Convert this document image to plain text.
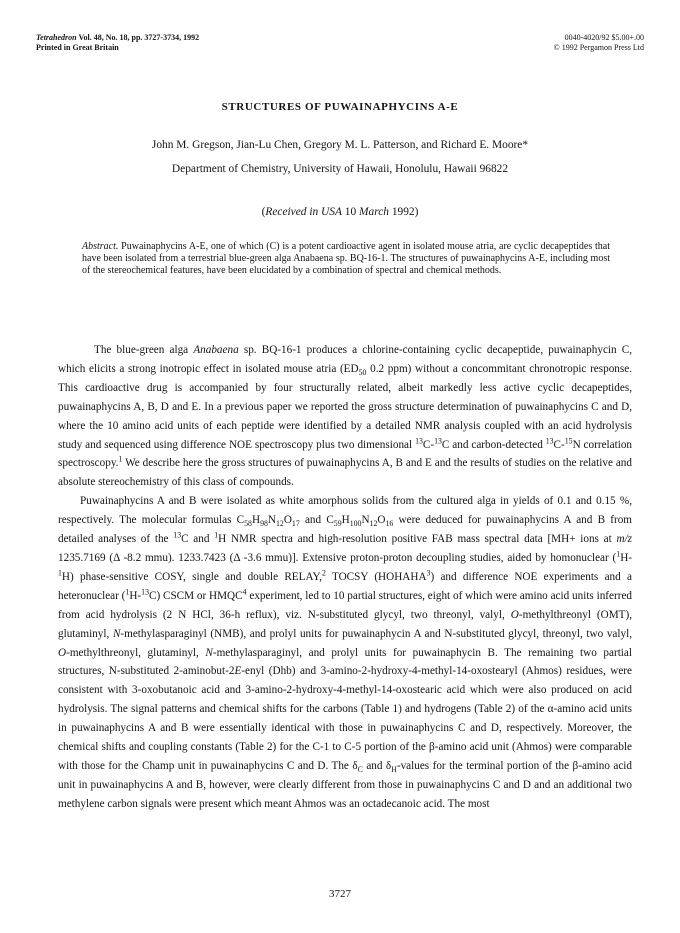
Tetrahedron Vol. 48, No. 18, pp. 3727-3734, 1992
Printed in Great Britain
0040-4020/92 $5.00+.00
© 1992 Pergamon Press Ltd
STRUCTURES OF PUWAINAPHYCINS A-E
John M. Gregson, Jian-Lu Chen, Gregory M. L. Patterson, and Richard E. Moore*
Department of Chemistry, University of Hawaii, Honolulu, Hawaii 96822
(Received in USA 10 March 1992)
Abstract. Puwainaphycins A-E, one of which (C) is a potent cardioactive agent in isolated mouse atria, are cyclic decapeptides that have been isolated from a terrestrial blue-green alga Anabaena sp. BQ-16-1. The structures of puwainaphycins A-E, including most of the stereochemical features, have been elucidated by a combination of spectral and chemical methods.

The blue-green alga Anabaena sp. BQ-16-1 produces a chlorine-containing cyclic decapeptide, puwainaphycin C, which elicits a strong inotropic effect in isolated mouse atria ($ED_{50}$ 0.2 ppm) without a concommitant chronotropic response. This cardioactive drug is accompanied by four structurally related, albeit markedly less active cyclic decapeptides, puwainaphycins A, B, D and E. In a previous paper we reported the gross structure determination of puwainaphycins C and D, where the 10 amino acid units of each peptide were identified by a detailed NMR analysis coupled with an acid hydrolysis study and sequenced using difference NOE spectroscopy plus two dimensional $^{13}$C-$^{13}$C and carbon-detected $^{13}$C-$^{15}$N correlation spectroscopy.$^1$ We describe here the gross structures of puwainaphycins A, B and E and the results of studies on the relative and absolute stereochemistry of this class of compounds.

Puwainaphycins A and B were isolated as white amorphous solids from the cultured alga in yields of 0.1 and 0.15 %, respectively. The molecular formulas $C_{58}H_{98}N_{12}O_{17}$ and $C_{59}H_{100}N_{12}O_{16}$ were deduced for puwainaphycins A and B from detailed analyses of the $^{13}$C and $^1$H NMR spectra and high-resolution positive FAB mass spectral data [MH+ ions at m/z 1235.7169 (Δ -8.2 mmu). 1233.7423 (Δ -3.6 mmu)]. Extensive proton-proton decoupling studies, aided by homonuclear ($^1$H-$^1$H) phase-sensitive COSY, single and double RELAY,$^2$ TOCSY (HOHAHA$^3$) and difference NOE experiments and a heteronuclear ($^1$H-$^{13}$C) CSCM or HMQC$^4$ experiment, led to 10 partial structures, eight of which were amino acid units inferred from acid hydrolysis (2 N HCl, 36-h reflux), viz. N-substituted glycyl, two threonyl, valyl, O-methylthreonyl (OMT), glutaminyl, N-methylasparaginyl (NMB), and prolyl units for puwainaphycin A and N-substituted glycyl, threonyl, two valyl, O-methylthreonyl, glutaminyl, N-methylasparaginyl, and prolyl units for puwainaphycin B. The remaining two partial structures, N-substituted 2-aminobut-2E-enyl (Dhb) and 3-amino-2-hydroxy-4-methyl-14-oxostearyl (Ahmos) residues, were consistent with 3-oxobutanoic acid and 3-amino-2-hydroxy-4-methyl-14-oxostearic acid which were also produced on acid hydrolysis. The signal patterns and chemical shifts for the carbons (Table 1) and hydrogens (Table 2) of the α-amino acid units in puwainaphycins A and B were essentially identical with those in puwainaphycins C and D, respectively. Moreover, the chemical shifts and coupling constants (Table 2) for the C-1 to C-5 portion of the β-amino acid unit (Ahmos) were comparable with those for the Champ unit in puwainaphycins C and D. The $\delta_C$ and $\delta_H$-values for the terminal portion of the β-amino acid unit in puwainaphycins A and B, however, were clearly different from those in puwainaphycins C and D and an additional two methylene carbon signals were present which meant Ahmos was an octadecanoic acid. The most

3727
